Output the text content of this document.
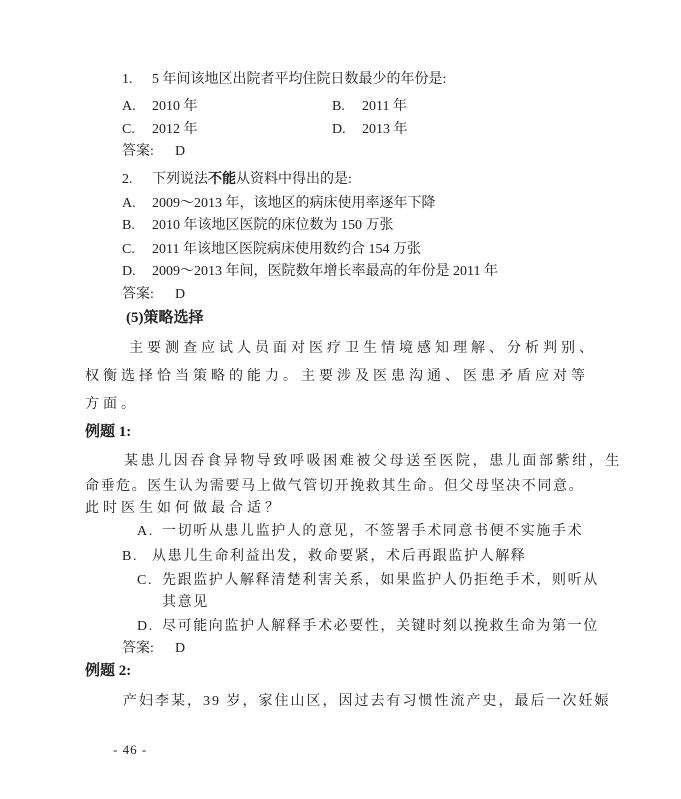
1. 5 年间该地区出院者平均住院日数最少的年份是:
A. 2010 年	B. 2011 年
C. 2012 年	D. 2013 年
答案: D
2. 下列说法不能从资料中得出的是:
A. 2009～2013 年，该地区的病床使用率逐年下降
B. 2010 年该地区医院的床位数为 150 万张
C. 2011 年该地区医院病床使用数约合 154 万张
D. 2009～2013 年间，医院数年增长率最高的年份是 2011 年
答案: D
(5)策略选择
主要测查应试人员面对医疗卫生情境感知理解、分析判别、
权衡选择恰当策略的能力。主要涉及医患沟通、医患矛盾应对等
方面。
例题 1:
某患儿因吞食异物导致呼吸困难被父母送至医院，患儿面部紫绀，生
命垂危。医生认为需要马上做气管切开挽救其生命。但父母坚决不同意。
此时医生如何做最合适？
A. 一切听从患儿监护人的意见，不签署手术同意书便不实施手术
B. 从患儿生命利益出发，救命要紧，术后再跟监护人解释
C. 先跟监护人解释清楚利害关系，如果监护人仍拒绝手术，则听从
其意见
D. 尽可能向监护人解释手术必要性，关键时刻以挽救生命为第一位
答案: D
例题 2:
产妇李某，39 岁，家住山区，因过去有习惯性流产史，最后一次妊娠
- 46 -
